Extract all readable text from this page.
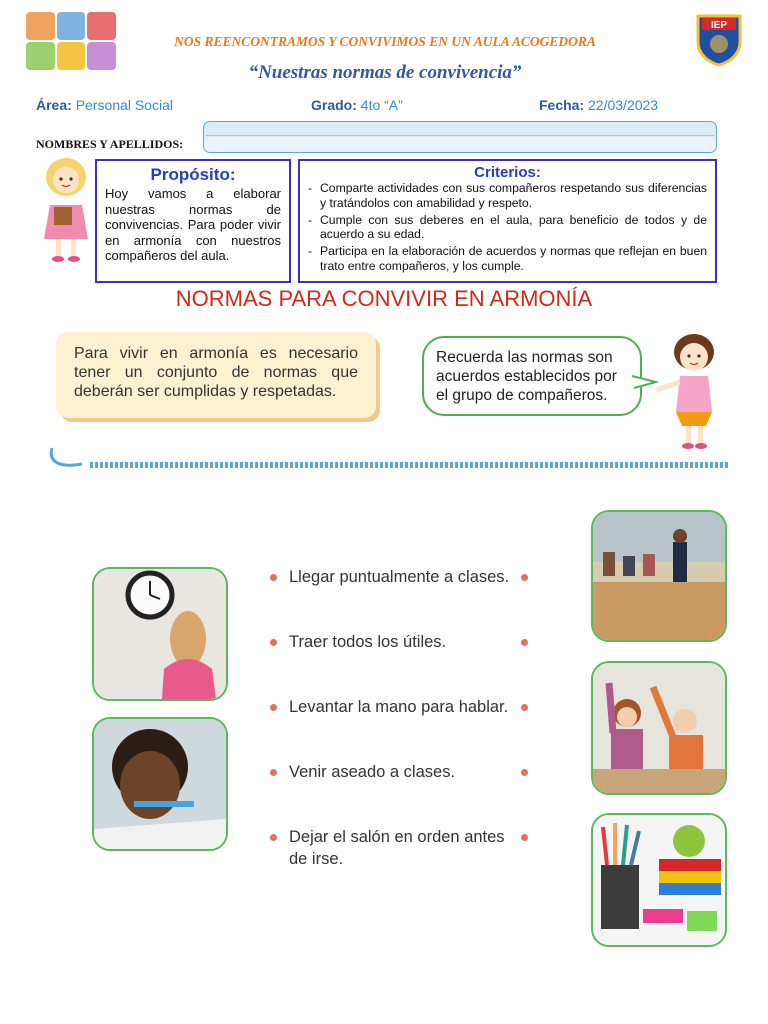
NOS REENCONTRAMOS Y CONVIVIMOS EN UN AULA ACOGEDORA
“Nuestras normas de convivencia”
IEP
Área: Personal Social	Grado: 4to “A”	Fecha: 22/03/2023
NOMBRES Y APELLIDOS:
Propósito:
Hoy vamos a elaborar nuestras normas de convivencias. Para poder vivir en armonía con nuestros compañeros del aula.
Criterios:
- Comparte actividades con sus compañeros respetando sus diferencias y tratándolos con amabilidad y respeto.
- Cumple con sus deberes en el aula, para beneficio de todos y de acuerdo a su edad.
- Participa en la elaboración de acuerdos y normas que reflejan en buen trato entre compañeros, y los cumple.
NORMAS PARA CONVIVIR EN ARMONÍA
Para vivir en armonía es necesario tener un conjunto de normas que deberán ser cumplidas y respetadas.
Recuerda las normas son acuerdos establecidos por el grupo de compañeros.
Llegar puntualmente a clases.
Traer todos los útiles.
Levantar la mano para hablar.
Venir aseado a clases.
Dejar el salón en orden antes de irse.
